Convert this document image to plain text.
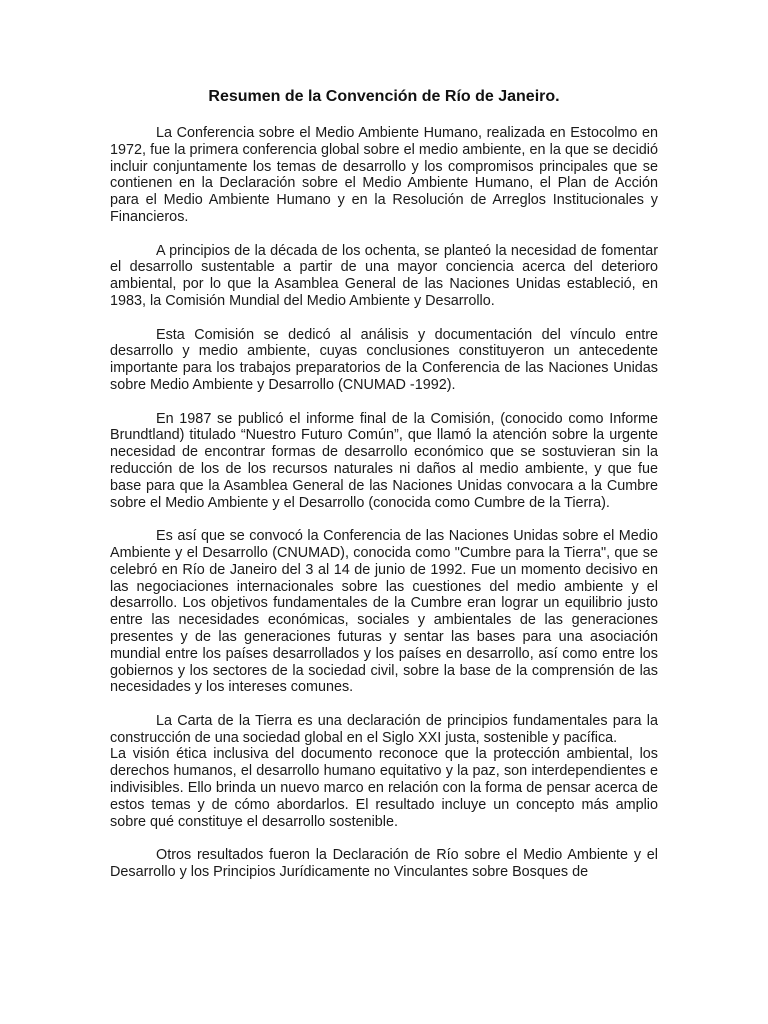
Resumen de la Convención de Río de Janeiro.

La Conferencia sobre el Medio Ambiente Humano, realizada en Estocolmo en 1972, fue la primera conferencia global sobre el medio ambiente, en la que se decidió incluir conjuntamente los temas de desarrollo y los compromisos principales que se contienen en la Declaración sobre el Medio Ambiente Humano, el Plan de Acción para el Medio Ambiente Humano y en la Resolución de Arreglos Institucionales y Financieros.

A principios de la década de los ochenta, se planteó la necesidad de fomentar el desarrollo sustentable a partir de una mayor conciencia acerca del deterioro ambiental, por lo que la Asamblea General de las Naciones Unidas estableció, en 1983, la Comisión Mundial del Medio Ambiente y Desarrollo.

Esta Comisión se dedicó al análisis y documentación del vínculo entre desarrollo y medio ambiente, cuyas conclusiones constituyeron un antecedente importante para los trabajos preparatorios de la Conferencia de las Naciones Unidas sobre Medio Ambiente y Desarrollo (CNUMAD -1992).

En 1987 se publicó el informe final de la Comisión, (conocido como Informe Brundtland) titulado “Nuestro Futuro Común”, que llamó la atención sobre la urgente necesidad de encontrar formas de desarrollo económico que se sostuvieran sin la reducción de los de los recursos naturales ni daños al medio ambiente, y que fue base para que la Asamblea General de las Naciones Unidas convocara a la Cumbre sobre el Medio Ambiente y el Desarrollo (conocida como Cumbre de la Tierra).

Es así que se convocó la Conferencia de las Naciones Unidas sobre el Medio Ambiente y el Desarrollo (CNUMAD), conocida como "Cumbre para la Tierra", que se celebró en Río de Janeiro del 3 al 14 de junio de 1992. Fue un momento decisivo en las negociaciones internacionales sobre las cuestiones del medio ambiente y el desarrollo. Los objetivos fundamentales de la Cumbre eran lograr un equilibrio justo entre las necesidades económicas, sociales y ambientales de las generaciones presentes y de las generaciones futuras y sentar las bases para una asociación mundial entre los países desarrollados y los países en desarrollo, así como entre los gobiernos y los sectores de la sociedad civil, sobre la base de la comprensión de las necesidades y los intereses comunes.

La Carta de la Tierra es una declaración de principios fundamentales para la construcción de una sociedad global en el Siglo XXI justa, sostenible y pacífica.

La visión ética inclusiva del documento reconoce que la protección ambiental, los derechos humanos, el desarrollo humano equitativo y la paz, son interdependientes e indivisibles. Ello brinda un nuevo marco en relación con la forma de pensar acerca de estos temas y de cómo abordarlos. El resultado incluye un concepto más amplio sobre qué constituye el desarrollo sostenible.

Otros resultados fueron la Declaración de Río sobre el Medio Ambiente y el Desarrollo y los Principios Jurídicamente no Vinculantes sobre Bosques de
